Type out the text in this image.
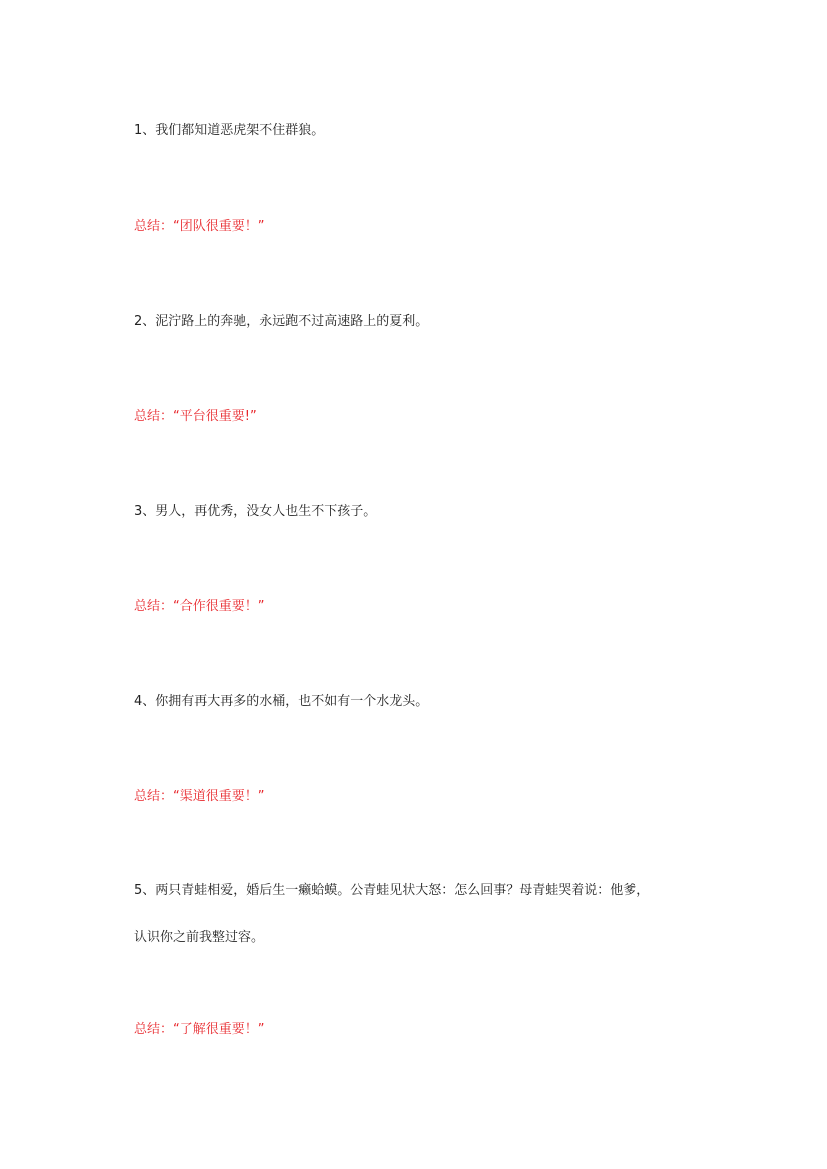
1、我们都知道恶虎架不住群狼。
总结：“团队很重要！”
2、泥泞路上的奔驰，永远跑不过高速路上的夏利。
总结：“平台很重要!”
3、男人，再优秀，没女人也生不下孩子。
总结：“合作很重要！”
4、你拥有再大再多的水桶，也不如有一个水龙头。
总结：“渠道很重要！”
5、两只青蛙相爱，婚后生一癞蛤蟆。公青蛙见状大怒：怎么回事？母青蛙哭着说：他爹，
认识你之前我整过容。
总结：“了解很重要！”
